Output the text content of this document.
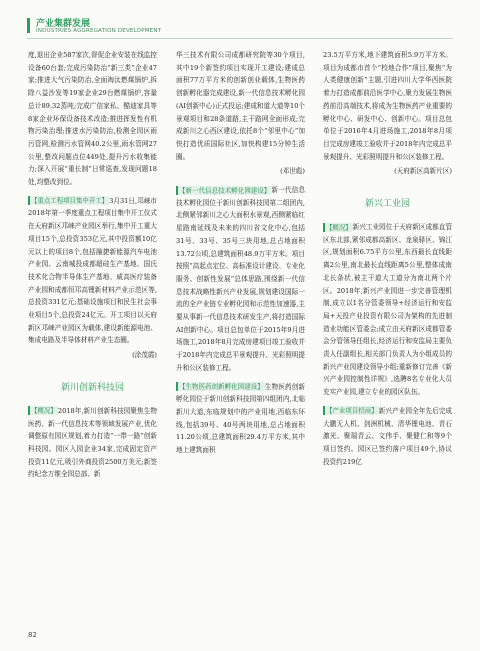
产业集群发展
INDUSTRIES AGGREGATION DEVELOPMENT

度,退出企业587家次,督促企业安装在线监控设备60台套;完成污染防治“新三类”企业47家;推进大气污染防治,全面淘汰燃煤锅炉,拆除八益沙发等19家企业29台燃煤锅炉,容量总计89.32蒸吨;完成广信家私、酷迪家具等8家企业环保设备技术改造;推进挥发性有机物污染治理;推进水污染防治,检测全园区雨污管网,检测污水管网40.2公里,雨水管网27公里,整改问题点位449处,提升污水收集能力;深入开展“重长制”日常巡查,发现问题18处,均整改到位。

【重点工程项目集中开工】3月31日,邛崃市2018年第一季度重点工程项目集中开工仪式在天府新区邛崃产业园区举行,集中开工重大项目15个,总投资353亿元,其中投资额10亿元以上的项目8个,包括融捷新能源汽车电池产业园、云南城投成都超硅生产基地、国氏技术化合物半导体生产基地、威高医疗装备产业园和成都恒邛高锂新材料产业示范区等,总投资331亿元;基础设施项目和民生社会事业项目5个,总投资24亿元。开工项目以天府新区邛崃产业园区为载体,建设新能源电池、集成电路及半导体材料产业生态圈。

(涂茂霞)

新川创新科技园

【概况】2018年,新川创新科技园聚焦生物医药、新一代信息技术等领域发展产业,优化调整原有园区规划,着力打造“一带一路”创新科技园。园区入园企业34家,完成固定资产投资11亿元,吸引外商投资2500万美元;新签约纪念万维全园总部、新

华三技术有限公司成都研究院等30个项目,其中19个新签约项目实现开工建设;建成总面积77万平方米的创新创业载体,生物医药创新孵化器完成建设,新一代信息技术孵化园(AI创新中心)正式投运;建成和道大道等10个景观项目和28条道路,主干路网全面形成;完成新川之心西区建设,依托8个“邻里中心”加快打造优质国际社区,加快构建15分钟生活圈。

(邓世彪)

【新一代信息技术孵化园建设】新一代信息技术孵化园位于新川创新科技园第二组团内,北侧紧邻新川之心大面积水景观,西侧紧临红星路南延线及未来的四川省文化中心,包括31号、33号、35号三块用地,总占地面积13.72公顷,总建筑面积48.9万平方米。项目按照“高起点定位、高标准设计建设、专业化服务、创新性发展”总体思路,围绕新一代信息技术战略性新兴产业发展,规划建设国际一流的全产业链专业孵化园和示范性加速器,主要从事新一代信息技术研发生产,将打造国际AI创新中心。项目总包单位于2015年9月进场施工,2018年8月完成房建项目竣工验收并于2018年内完成总平景观提升、光彩照明提升和公区装修工程。

【生物医药创新孵化园建设】生物医药创新孵化园位于新川创新科技园第四组团内,北临新川大道,东临规划中的产业用地,西临东环线,包括39号、40号两块用地,总占地面积11.20公顷,总建筑面积29.4万平方米,其中地上建筑面积

23.5万平方米,地下建筑面积5.9万平方米。项目为成都市首个“校地合作”项目,聚焦“为人类健康创新”主题,引进四川大学华西医院着力打造成都前沿医学中心,聚力发展生物医药前沿高端技术,将成为生物医药产业重要的孵化中心、研发中心、创新中心。项目总包单位于2016年4月进场施工,2018年8月项目完成房建竣工验收并于2018年内完成总平景观提升、光彩照明提升和公区装修工程。

(天府新区高新片区)

新兴工业园

【概况】新兴工业园位于天府新区成都直管区东北部,紧邻成都高新区、龙泉驿区、锦江区,规划面积6.75平方公里,东西最长直线距离2公里,南北最长直线距离5公里,整体成南北长条状,被主干道大工道分为南北两个片区。2018年,新兴产业园进一步完善管理机制,成立以1名分管委领导+经济运行和安监局+天投产业投资有限公司为架构的先进制造业功能区管委会;成立由天府新区成都管委会分管领导任组长,经济运行和安监局主要负责人任副组长,相关部门负责人为小组成员的新兴产业园建设领导小组;重新修订完善《新兴产业园控制性详规》,选聘8名专业化人员充实产业园,建立专业的园区队伍。

【产业项目招商】新兴产业园全年先后完成大鹏无人机、剑洲机械、清华锂电池、青石激光、聚瑞青云、文伟手、聚健仁和等9个项目签约。园区已签约落户项目49个,协议投资约219亿

82
